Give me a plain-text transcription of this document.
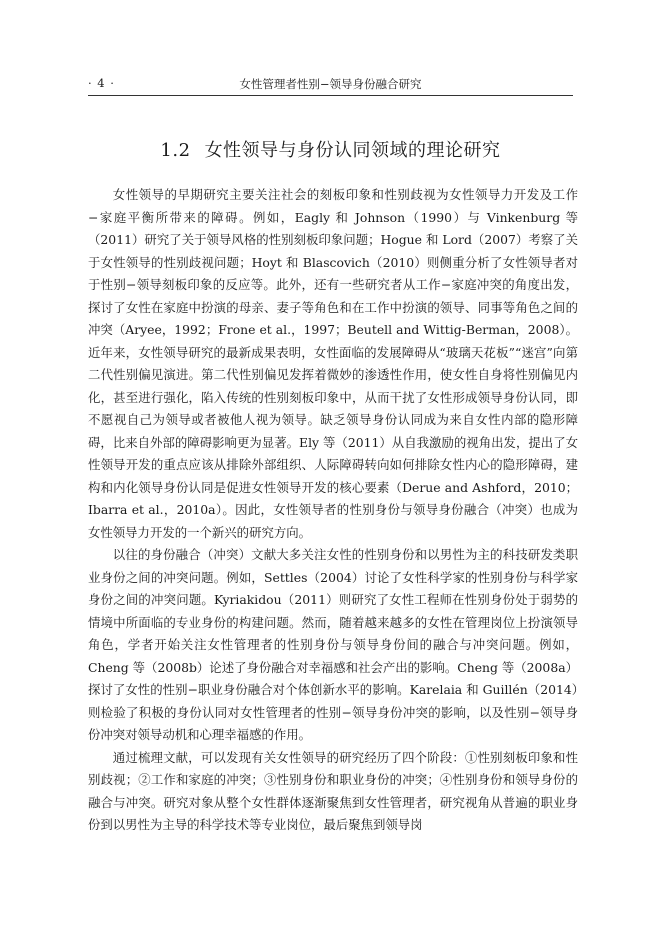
· 4 ·	女性管理者性别−领导身份融合研究
1.2 女性领导与身份认同领域的理论研究

女性领导的早期研究主要关注社会的刻板印象和性别歧视为女性领导力开发及工作−家庭平衡所带来的障碍。例如，Eagly 和 Johnson（1990）与 Vinkenburg 等（2011）研究了关于领导风格的性别刻板印象问题；Hogue 和 Lord（2007）考察了关于女性领导的性别歧视问题；Hoyt 和 Blascovich（2010）则侧重分析了女性领导者对于性别−领导刻板印象的反应等。此外，还有一些研究者从工作−家庭冲突的角度出发，探讨了女性在家庭中扮演的母亲、妻子等角色和在工作中扮演的领导、同事等角色之间的冲突（Aryee，1992；Frone et al.，1997；Beutell and Wittig-Berman，2008）。近年来，女性领导研究的最新成果表明，女性面临的发展障碍从“玻璃天花板”“迷宫”向第二代性别偏见演进。第二代性别偏见发挥着微妙的渗透性作用，使女性自身将性别偏见内化，甚至进行强化，陷入传统的性别刻板印象中，从而干扰了女性形成领导身份认同，即不愿视自己为领导或者被他人视为领导。缺乏领导身份认同成为来自女性内部的隐形障碍，比来自外部的障碍影响更为显著。Ely 等（2011）从自我激励的视角出发，提出了女性领导开发的重点应该从排除外部组织、人际障碍转向如何排除女性内心的隐形障碍，建构和内化领导身份认同是促进女性领导开发的核心要素（Derue and Ashford，2010；Ibarra et al.，2010a）。因此，女性领导者的性别身份与领导身份融合（冲突）也成为女性领导力开发的一个新兴的研究方向。

以往的身份融合（冲突）文献大多关注女性的性别身份和以男性为主的科技研发类职业身份之间的冲突问题。例如，Settles（2004）讨论了女性科学家的性别身份与科学家身份之间的冲突问题。Kyriakidou（2011）则研究了女性工程师在性别身份处于弱势的情境中所面临的专业身份的构建问题。然而，随着越来越多的女性在管理岗位上扮演领导角色，学者开始关注女性管理者的性别身份与领导身份间的融合与冲突问题。例如，Cheng 等（2008b）论述了身份融合对幸福感和社会产出的影响。Cheng 等（2008a）探讨了女性的性别−职业身份融合对个体创新水平的影响。Karelaia 和 Guillén（2014）则检验了积极的身份认同对女性管理者的性别−领导身份冲突的影响，以及性别−领导身份冲突对领导动机和心理幸福感的作用。

通过梳理文献，可以发现有关女性领导的研究经历了四个阶段：①性别刻板印象和性别歧视；②工作和家庭的冲突；③性别身份和职业身份的冲突；④性别身份和领导身份的融合与冲突。研究对象从整个女性群体逐渐聚焦到女性管理者，研究视角从普遍的职业身份到以男性为主导的科学技术等专业岗位，最后聚焦到领导岗
